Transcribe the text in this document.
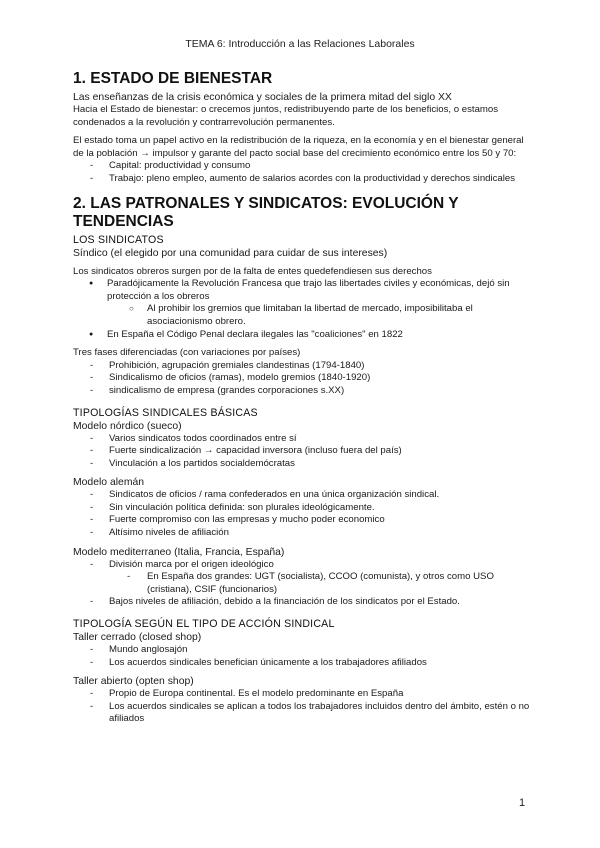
TEMA 6: Introducción a las Relaciones Laborales
1. ESTADO DE BIENESTAR

Las enseñanzas de la crisis económica y sociales de la primera mitad del siglo XX

Hacia el Estado de bienestar: o crecemos juntos, redistribuyendo parte de los beneficios, o estamos condenados a la revolución y contrarrevolución permanentes.

El estado toma un papel activo en la redistribución de la riqueza, en la economía y en el bienestar general de la población → impulsor y garante del pacto social base del crecimiento económico entre los 50 y 70:

- Capital: productividad y consumo
- Trabajo: pleno empleo, aumento de salarios acordes con la productividad y derechos sindicales
2. LAS PATRONALES Y SINDICATOS: EVOLUCIÓN Y TENDENCIAS
LOS SINDICATOS

Síndico (el elegido por una comunidad para cuidar de sus intereses)

Los sindicatos obreros surgen por de la falta de entes quedefendiesen sus derechos

● Paradójicamente la Revolución Francesa que trajo las libertades civiles y económicas, dejó sin protección a los obreros
○ Al prohibir los gremios que limitaban la libertad de mercado, imposibilitaba el asociacionismo obrero.
● En España el Código Penal declara ilegales las "coaliciones" en 1822

Tres fases diferenciadas (con variaciones por países)

- Prohibición, agrupación gremiales clandestinas (1794-1840)
- Sindicalismo de oficios (ramas), modelo gremios (1840-1920)
- sindicalismo de empresa (grandes corporaciones s.XX)
TIPOLOGÍAS SINDICALES BÁSICAS

Modelo nórdico (sueco)

- Varios sindicatos todos coordinados entre sí
- Fuerte sindicalización → capacidad inversora (incluso fuera del país)
- Vinculación a los partidos socialdemócratas

Modelo alemán

- Sindicatos de oficios / rama confederados en una única organización sindical.
- Sin vinculación política definida: son plurales ideológicamente.
- Fuerte compromiso con las empresas y mucho poder economico
- Altísimo niveles de afiliación

Modelo mediterraneo (Italia, Francia, España)

- División marca por el origen ideológico
- En España dos grandes: UGT (socialista), CCOO (comunista), y otros como USO (cristiana), CSIF (funcionarios)
- Bajos niveles de afiliación, debido a la financiación de los sindicatos por el Estado.
TIPOLOGÍA SEGÚN EL TIPO DE ACCIÓN SINDICAL

Taller cerrado (closed shop)

- Mundo anglosajón
- Los acuerdos sindicales benefician únicamente a los trabajadores afiliados

Taller abierto (opten shop)

- Propio de Europa continental. Es el modelo predominante en España
- Los acuerdos sindicales se aplican a todos los trabajadores incluidos dentro del ámbito, estén o no afiliados
1
